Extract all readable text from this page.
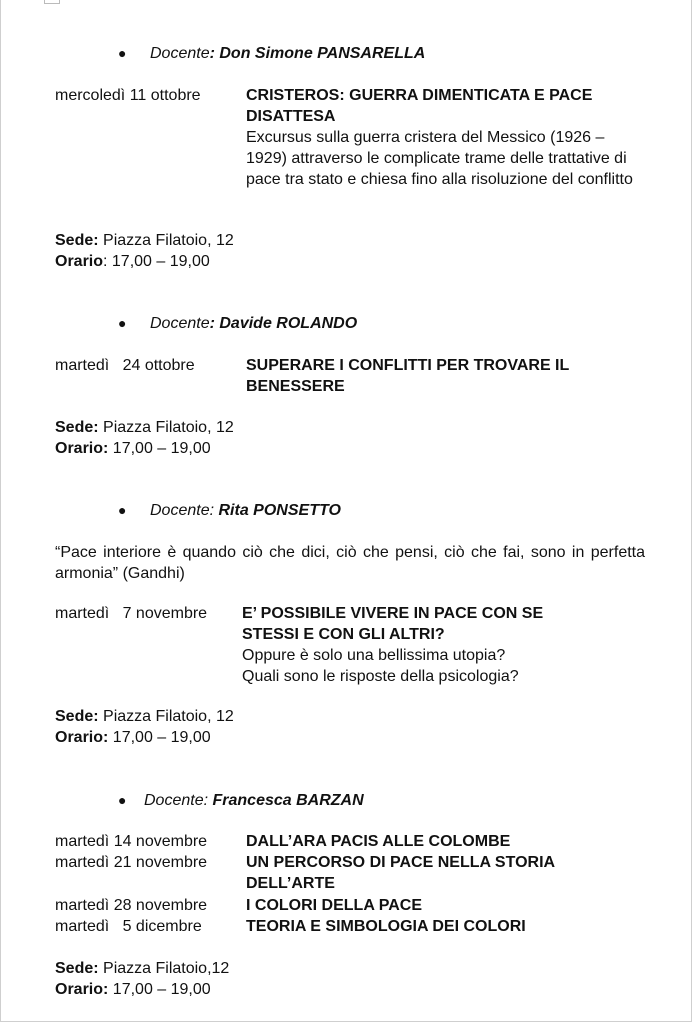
● Docente: Don Simone PANSARELLA
mercoledì 11 ottobre	CRISTEROS: GUERRA DIMENTICATA E PACE DISATTESA
Excursus sulla guerra cristera del Messico (1926 – 1929) attraverso le complicate trame delle trattative di pace tra stato e chiesa fino alla risoluzione del conflitto
Sede: Piazza Filatoio, 12
Orario: 17,00 – 19,00
● Docente: Davide ROLANDO
martedì   24 ottobre	SUPERARE I CONFLITTI PER TROVARE IL BENESSERE
Sede: Piazza Filatoio, 12
Orario: 17,00 – 19,00
● Docente: Rita PONSETTO
“Pace interiore è quando ciò che dici, ciò che pensi, ciò che fai, sono in perfetta armonia” (Gandhi)
martedì   7 novembre E’ POSSIBILE VIVERE IN PACE CON SE STESSI E CON GLI ALTRI?
Oppure è solo una bellissima utopia?
Quali sono le risposte della psicologia?
Sede: Piazza Filatoio, 12
Orario: 17,00 – 19,00
● Docente: Francesca BARZAN
martedì 14 novembre DALL’ARA PACIS ALLE COLOMBE
martedì 21 novembre UN PERCORSO DI PACE NELLA STORIA DELL’ARTE
martedì 28 novembre I COLORI DELLA PACE
martedì   5 dicembre	TEORIA E SIMBOLOGIA DEI COLORI
Sede: Piazza Filatoio,12
Orario: 17,00 – 19,00
